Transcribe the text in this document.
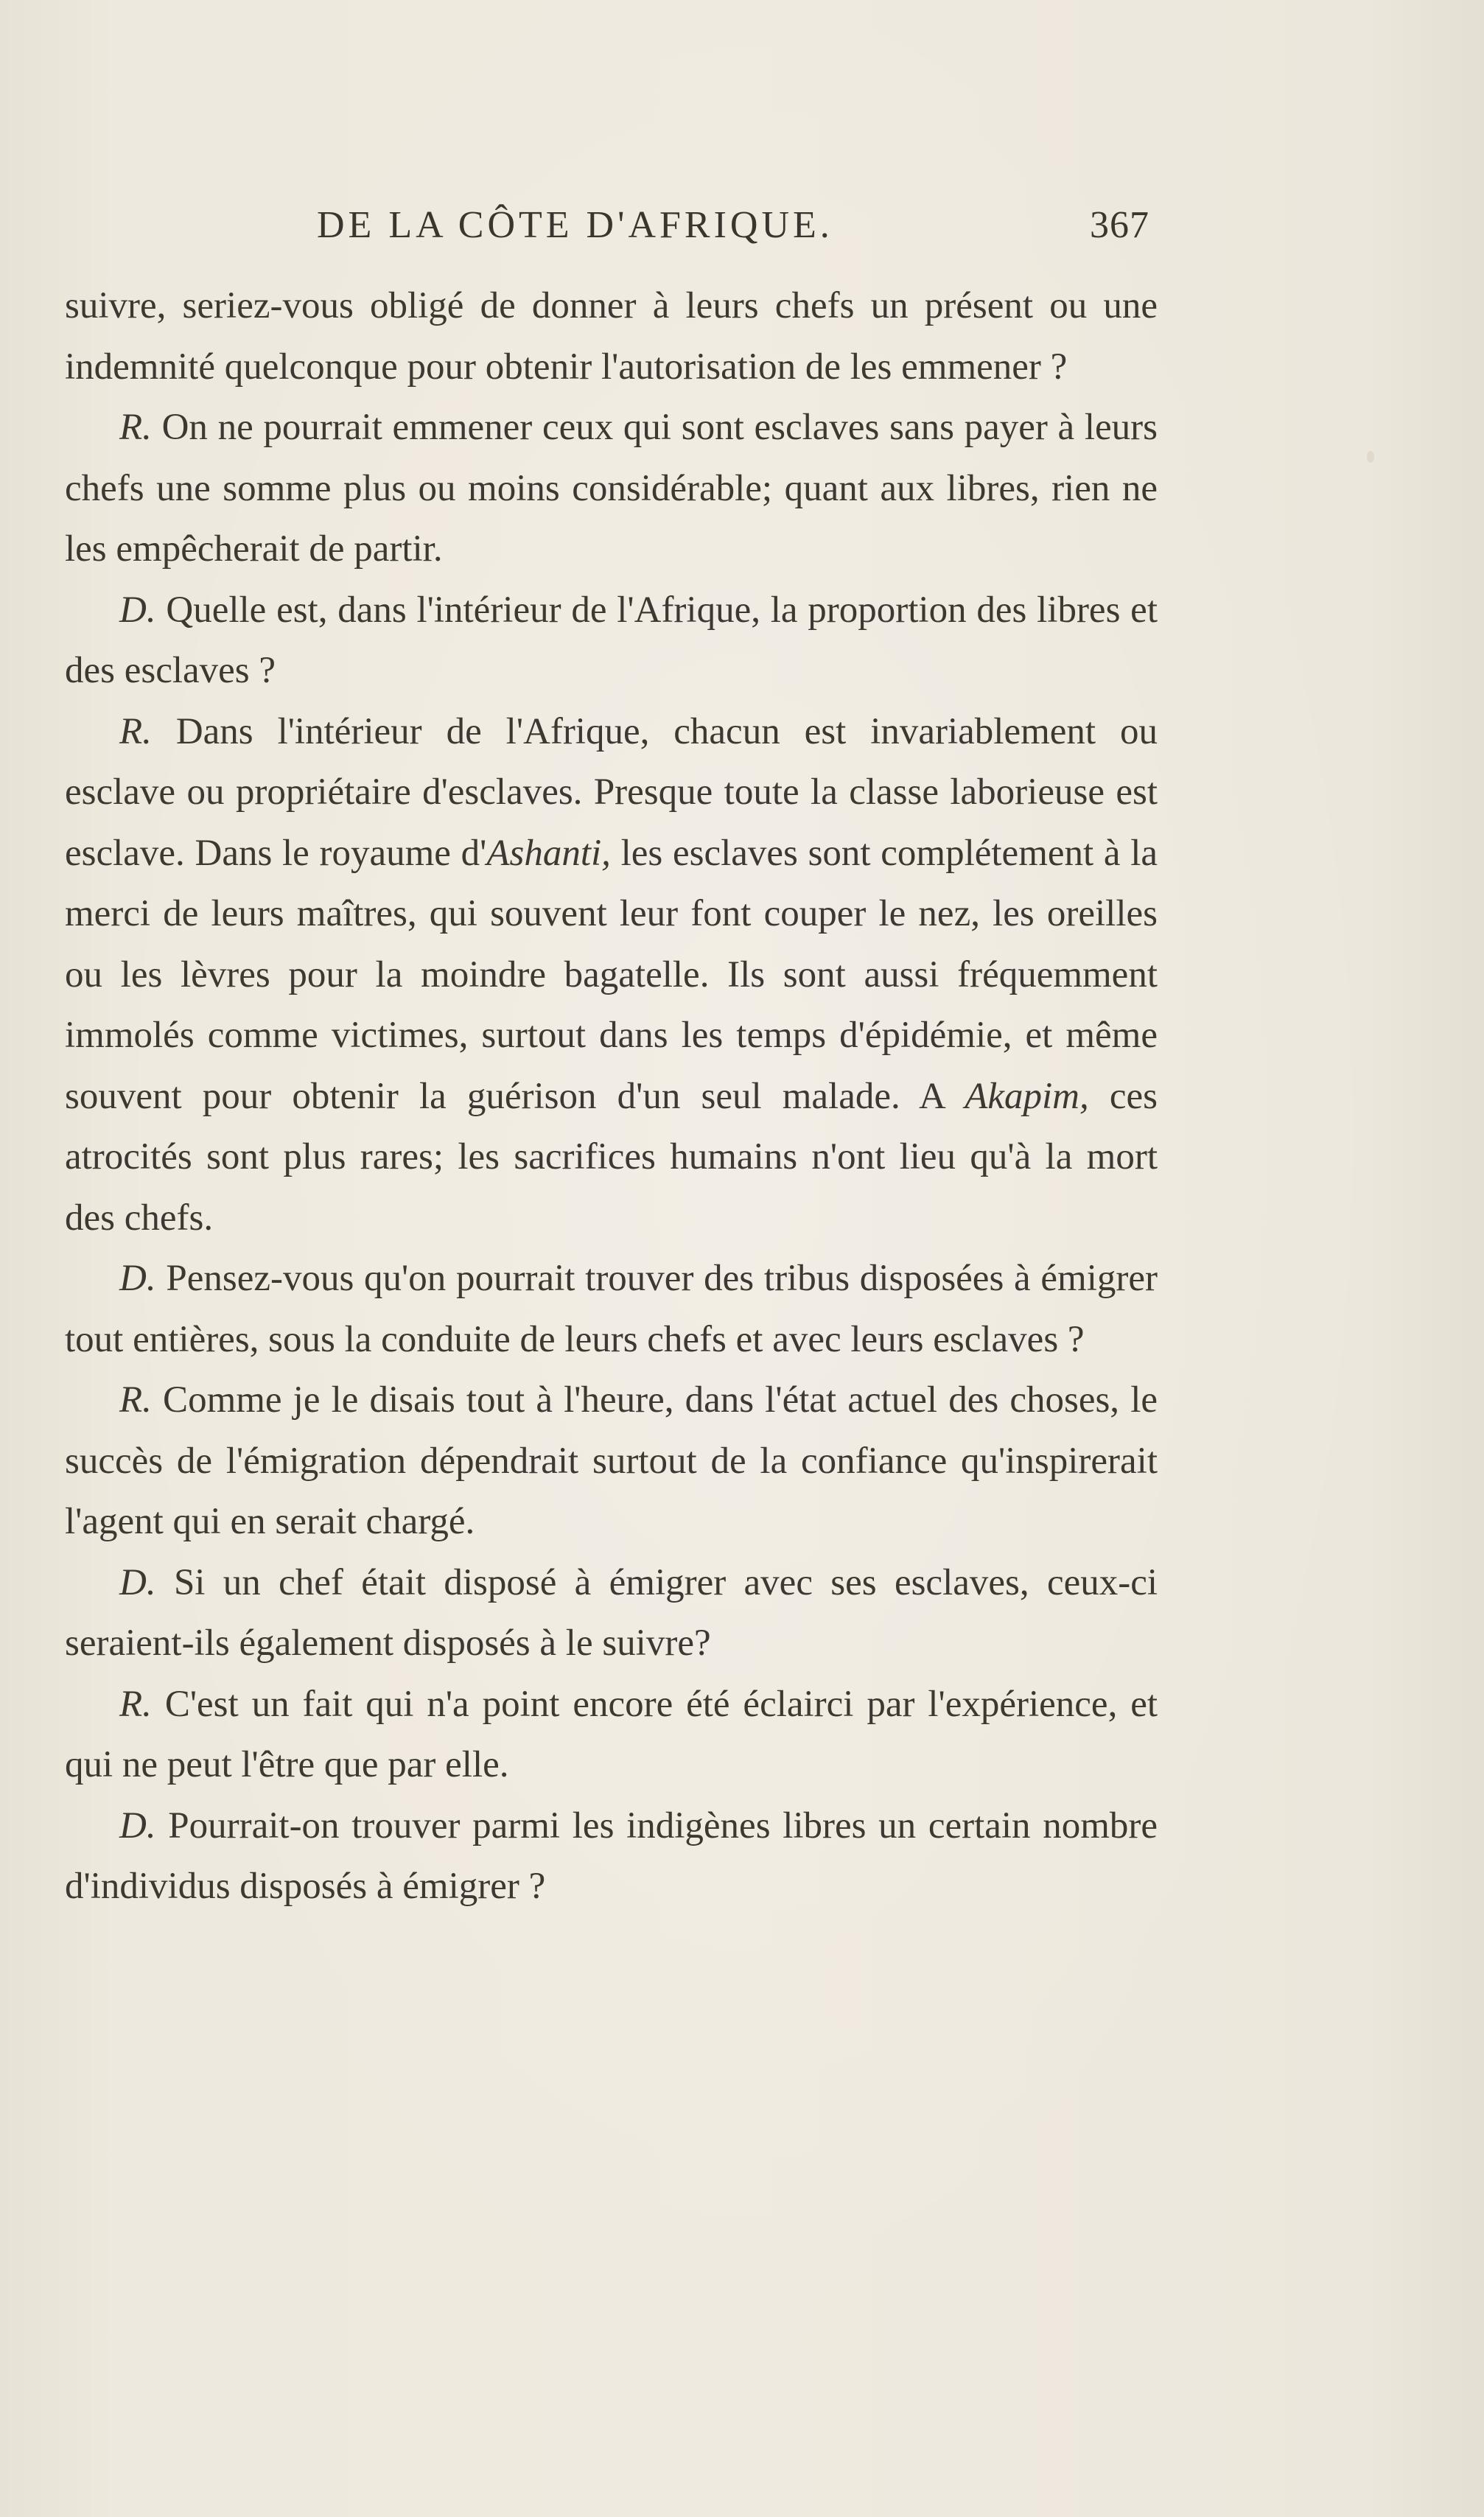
DE LA CÔTE D'AFRIQUE.	367

suivre, seriez-vous obligé de donner à leurs chefs un présent ou une indemnité quelconque pour obtenir l'autorisation de les emmener ?

R. On ne pourrait emmener ceux qui sont esclaves sans payer à leurs chefs une somme plus ou moins considérable; quant aux libres, rien ne les empêcherait de partir.

D. Quelle est, dans l'intérieur de l'Afrique, la proportion des libres et des esclaves ?

R. Dans l'intérieur de l'Afrique, chacun est invariablement ou esclave ou propriétaire d'esclaves. Presque toute la classe laborieuse est esclave. Dans le royaume d'Ashanti, les esclaves sont complétement à la merci de leurs maîtres, qui souvent leur font couper le nez, les oreilles ou les lèvres pour la moindre bagatelle. Ils sont aussi fréquemment immolés comme victimes, surtout dans les temps d'épidémie, et même souvent pour obtenir la guérison d'un seul malade. A Akapim, ces atrocités sont plus rares; les sacrifices humains n'ont lieu qu'à la mort des chefs.

D. Pensez-vous qu'on pourrait trouver des tribus disposées à émigrer tout entières, sous la conduite de leurs chefs et avec leurs esclaves ?

R. Comme je le disais tout à l'heure, dans l'état actuel des choses, le succès de l'émigration dépendrait surtout de la confiance qu'inspirerait l'agent qui en serait chargé.

D. Si un chef était disposé à émigrer avec ses esclaves, ceux-ci seraient-ils également disposés à le suivre?

R. C'est un fait qui n'a point encore été éclairci par l'expérience, et qui ne peut l'être que par elle.

D. Pourrait-on trouver parmi les indigènes libres un certain nombre d'individus disposés à émigrer ?
